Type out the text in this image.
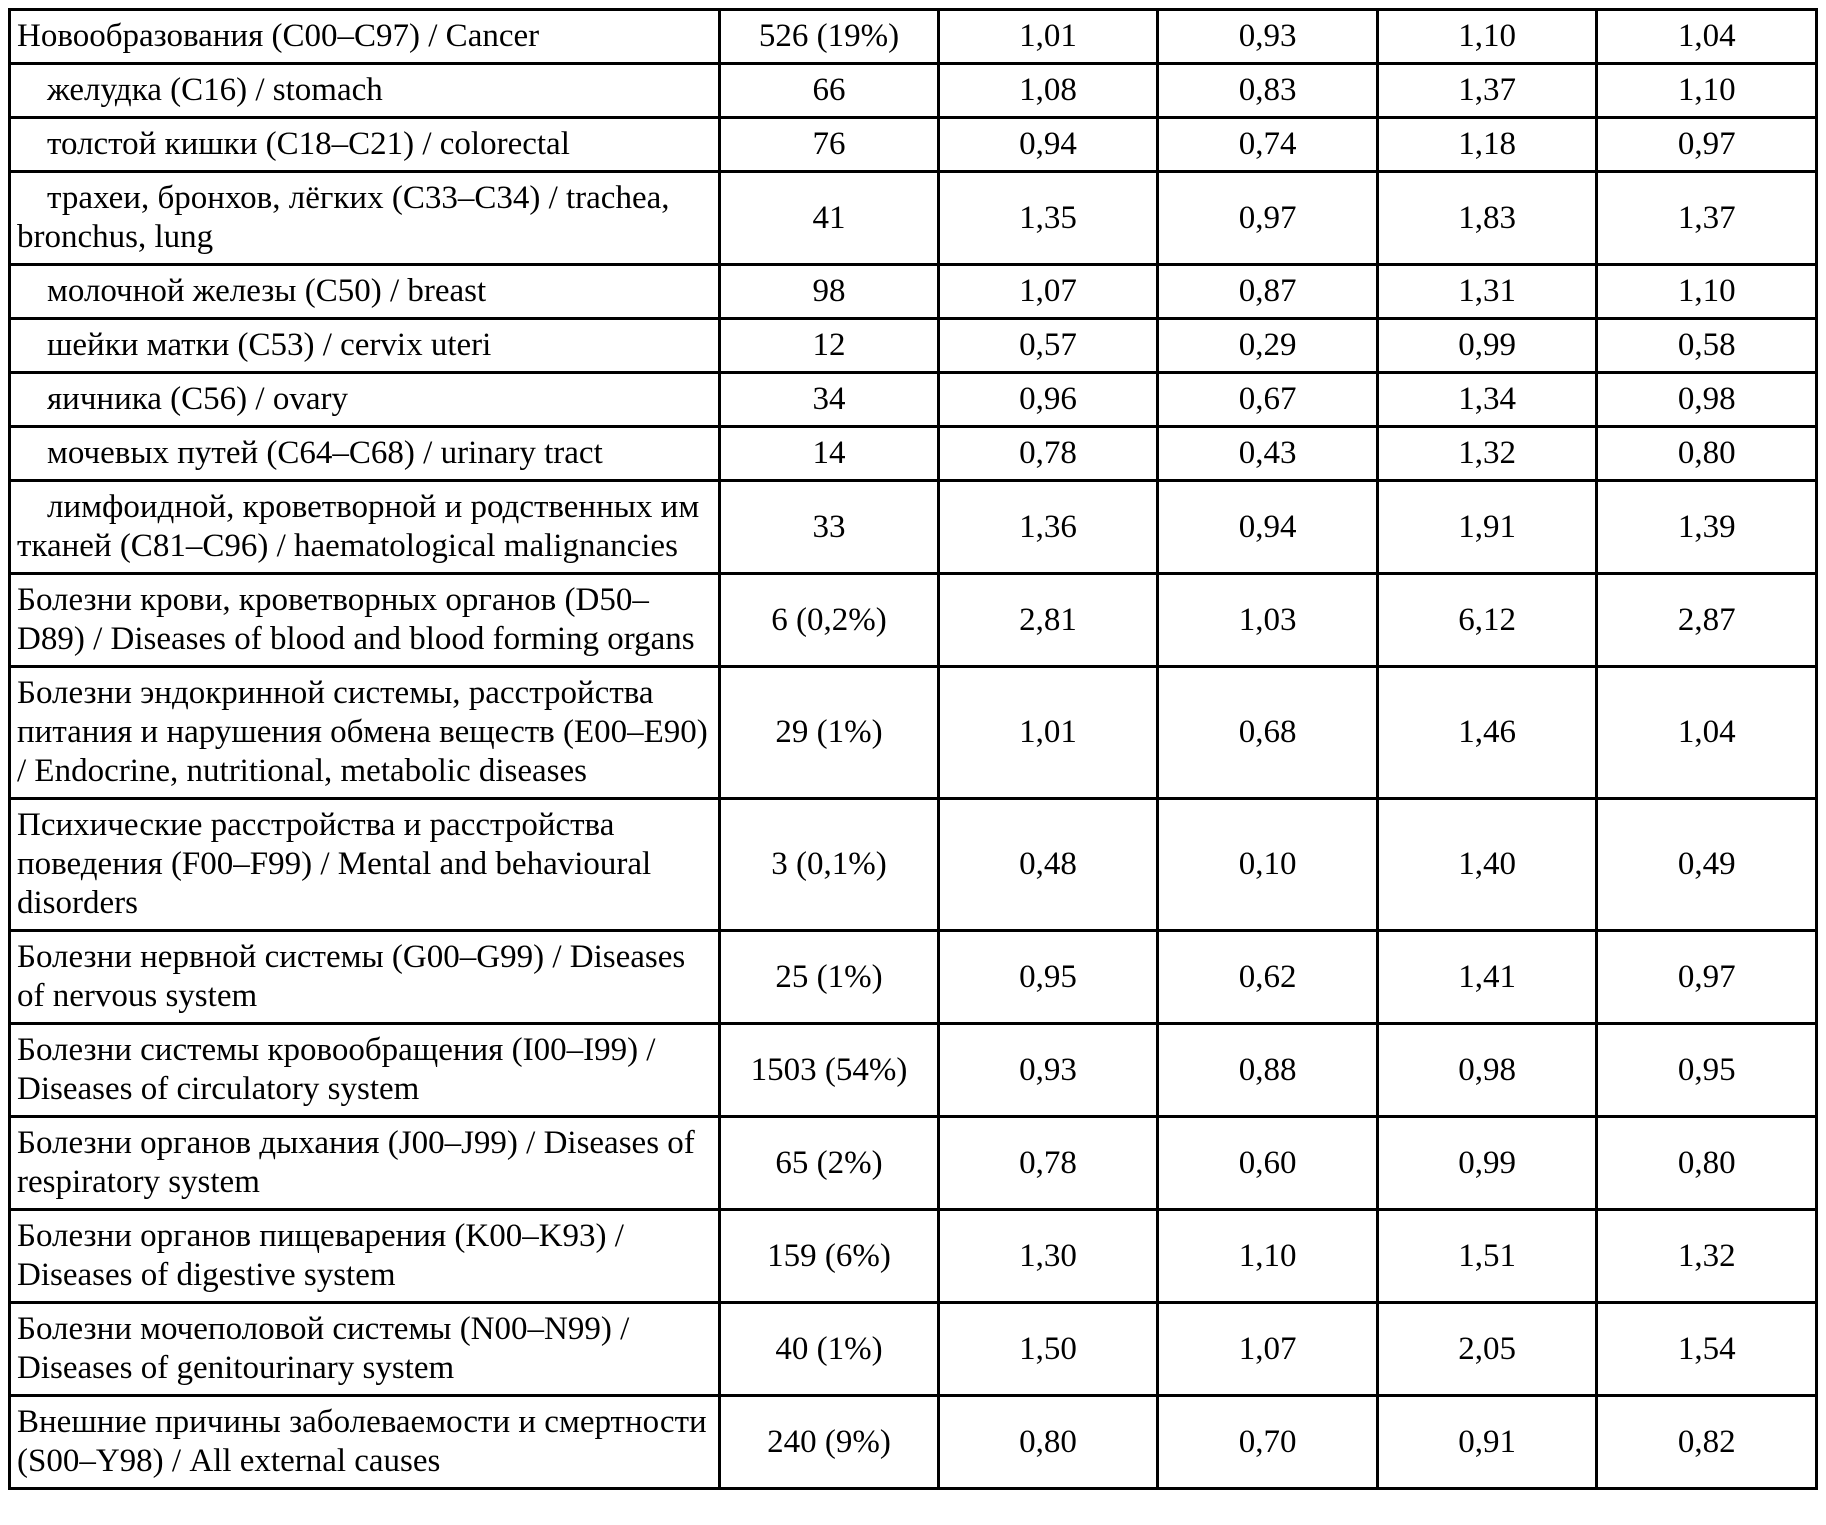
Новообразования (C00–C97) / Cancer	526 (19%)	1,01	0,93	1,10	1,04
желудка (C16) / stomach	66	1,08	0,83	1,37	1,10
толстой кишки (C18–C21) / colorectal	76	0,94	0,74	1,18	0,97
трахеи, бронхов, лёгких (C33–C34) / trachea, bronchus, lung	41	1,35	0,97	1,83	1,37
молочной железы (C50) / breast	98	1,07	0,87	1,31	1,10
шейки матки (C53) / cervix uteri	12	0,57	0,29	0,99	0,58
яичника (C56) / ovary	34	0,96	0,67	1,34	0,98
мочевых путей (C64–C68) / urinary tract	14	0,78	0,43	1,32	0,80
лимфоидной, кроветворной и родственных им тканей (C81–C96) / haematological malignancies	33	1,36	0,94	1,91	1,39
Болезни крови, кроветворных органов (D50–D89) / Diseases of blood and blood forming organs	6 (0,2%)	2,81	1,03	6,12	2,87
Болезни эндокринной системы, расстройства питания и нарушения обмена веществ (E00–E90) / Endocrine, nutritional, metabolic diseases	29 (1%)	1,01	0,68	1,46	1,04
Психические расстройства и расстройства поведения (F00–F99) / Mental and behavioural disorders	3 (0,1%)	0,48	0,10	1,40	0,49
Болезни нервной системы (G00–G99) / Diseases of nervous system	25 (1%)	0,95	0,62	1,41	0,97
Болезни системы кровообращения (I00–I99) / Diseases of circulatory system	1503 (54%)	0,93	0,88	0,98	0,95
Болезни органов дыхания (J00–J99) / Diseases of respiratory system	65 (2%)	0,78	0,60	0,99	0,80
Болезни органов пищеварения (K00–K93) / Diseases of digestive system	159 (6%)	1,30	1,10	1,51	1,32
Болезни мочеполовой системы (N00–N99) / Diseases of genitourinary system	40 (1%)	1,50	1,07	2,05	1,54
Внешние причины заболеваемости и смертности (S00–Y98) / All external causes	240 (9%)	0,80	0,70	0,91	0,82
